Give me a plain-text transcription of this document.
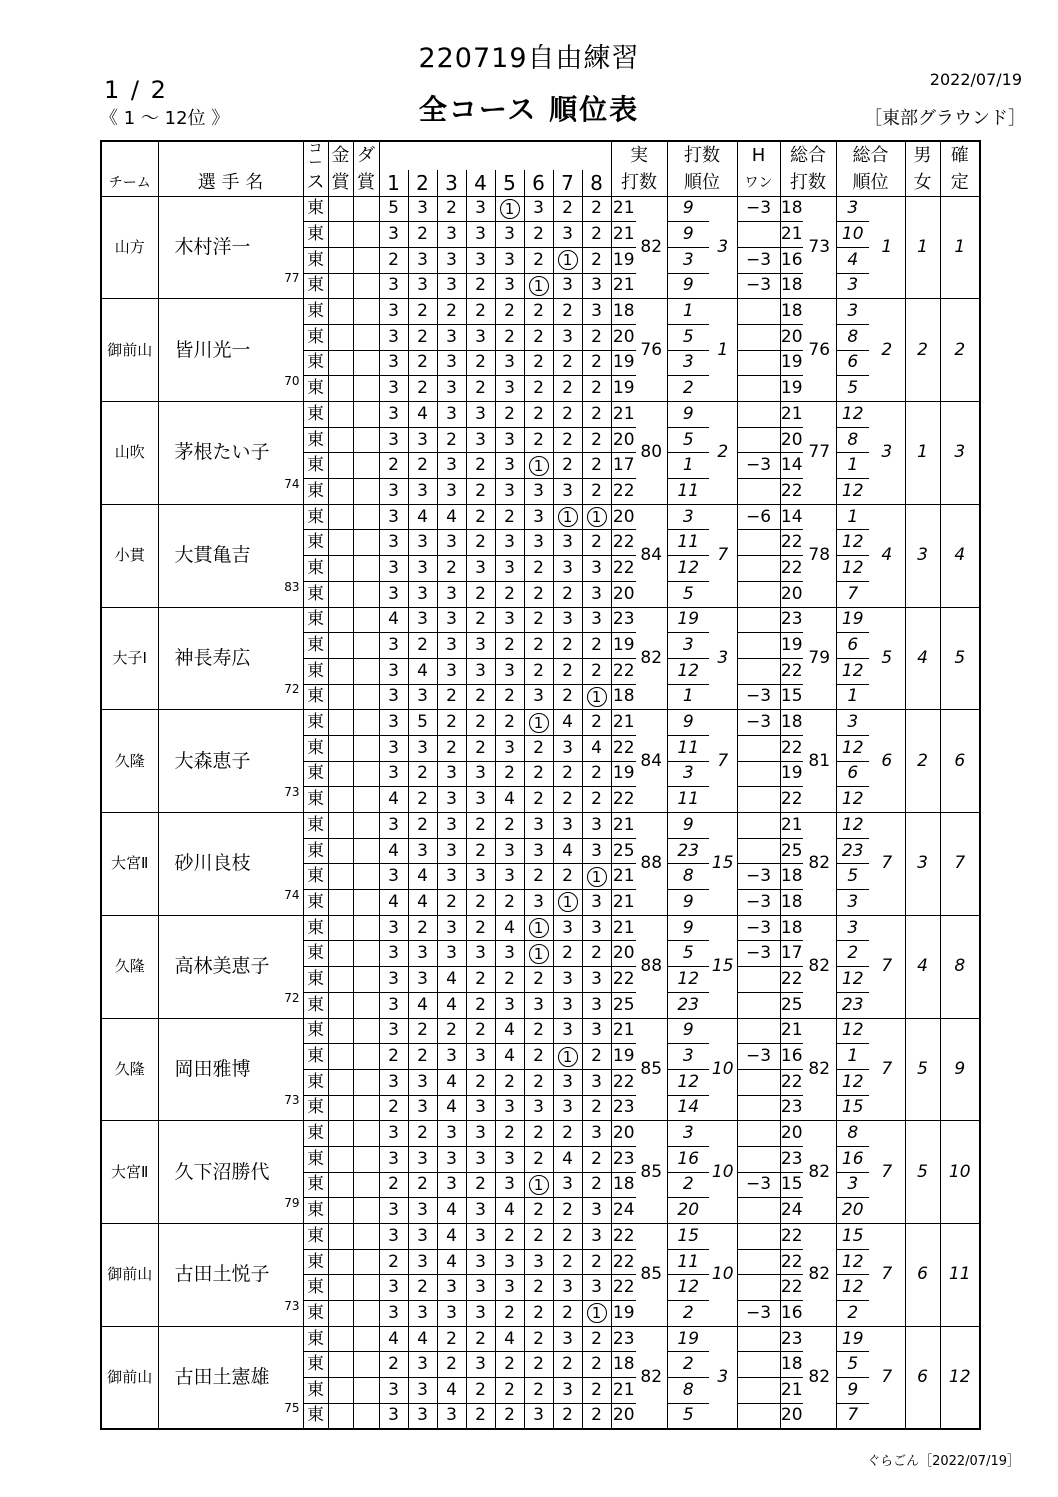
220719自由練習
全コース 順位表
1 / 2
《 1 ～ 12位 》
2022/07/19
［東部グラウンド］
		コー	金	ダ									実		打数		H	総合		総合		男	確
チーム	選 手 名	ス	賞	賞	1	2	3	4	5	6	7	8	打数		順位		ワン	打数		順位		女	定
山方	木村洋一
77	東			5	3	2	3	1	3	2	2	21	82	9	3	−3	18	73	3	1	1	1
		東			3	2	3	3	3	2	3	2	21		9			21		10			
		東			2	3	3	3	3	2	1	2	19		3		−3	16		4			
		東			3	3	3	2	3	1	3	3	21		9		−3	18		3			
御前山	皆川光一
70	東			3	2	2	2	2	2	2	3	18	76	1	1		18	76	3	2	2	2
		東			3	2	3	3	2	2	3	2	20		5			20		8			
		東			3	2	3	2	3	2	2	2	19		3			19		6			
		東			3	2	3	2	3	2	2	2	19		2			19		5			
山吹	茅根たい子
74	東			3	4	3	3	2	2	2	2	21	80	9	2		21	77	12	3	1	3
		東			3	3	2	3	3	2	2	2	20		5			20		8			
		東			2	2	3	2	3	1	2	2	17		1		−3	14		1			
		東			3	3	3	2	3	3	3	2	22		11			22		12			
小貫	大貫亀吉
83	東			3	4	4	2	2	3	1	1	20	84	3	7	−6	14	78	1	4	3	4
		東			3	3	3	2	3	3	3	2	22		11			22		12			
		東			3	3	2	3	3	2	3	3	22		12			22		12			
		東			3	3	3	2	2	2	2	3	20		5			20		7			
大子Ⅰ	神長寿広
72	東			4	3	3	2	3	2	3	3	23	82	19	3		23	79	19	5	4	5
		東			3	2	3	3	2	2	2	2	19		3			19		6			
		東			3	4	3	3	3	2	2	2	22		12			22		12			
		東			3	3	2	2	2	3	2	1	18		1		−3	15		1			
久隆	大森恵子
73	東			3	5	2	2	2	1	4	2	21	84	9	7	−3	18	81	3	6	2	6
		東			3	3	2	2	3	2	3	4	22		11			22		12			
		東			3	2	3	3	2	2	2	2	19		3			19		6			
		東			4	2	3	3	4	2	2	2	22		11			22		12			
大宮Ⅱ	砂川良枝
74	東			3	2	3	2	2	3	3	3	21	88	9	15		21	82	12	7	3	7
		東			4	3	3	2	3	3	4	3	25		23			25		23			
		東			3	4	3	3	3	2	2	1	21		8		−3	18		5			
		東			4	4	2	2	2	3	1	3	21		9		−3	18		3			
久隆	高林美恵子
72	東			3	2	3	2	4	1	3	3	21	88	9	15	−3	18	82	3	7	4	8
		東			3	3	3	3	3	1	2	2	20		5		−3	17		2			
		東			3	3	4	2	2	2	3	3	22		12			22		12			
		東			3	4	4	2	3	3	3	3	25		23			25		23			
久隆	岡田雅博
73	東			3	2	2	2	4	2	3	3	21	85	9	10		21	82	12	7	5	9
		東			2	2	3	3	4	2	1	2	19		3		−3	16		1			
		東			3	3	4	2	2	2	3	3	22		12			22		12			
		東			2	3	4	3	3	3	3	2	23		14			23		15			
大宮Ⅱ	久下沼勝代
79	東			3	2	3	3	2	2	2	3	20	85	3	10		20	82	8	7	5	10
		東			3	3	3	3	3	2	4	2	23		16			23		16			
		東			2	2	3	2	3	1	3	2	18		2		−3	15		3			
		東			3	3	4	3	4	2	2	3	24		20			24		20			
御前山	古田土悦子
73	東			3	3	4	3	2	2	2	3	22	85	15	10		22	82	15	7	6	11
		東			2	3	4	3	3	3	2	2	22		11			22		12			
		東			3	2	3	3	3	2	3	3	22		12			22		12			
		東			3	3	3	3	2	2	2	1	19		2		−3	16		2			
御前山	古田土憲雄
75	東			4	4	2	2	4	2	3	2	23	82	19	3		23	82	19	7	6	12
		東			2	3	2	3	2	2	2	2	18		2			18		5			
		東			3	3	4	2	2	2	3	2	21		8			21		9			
		東			3	3	3	2	2	3	2	2	20		5			20		7			
ぐらごん［2022/07/19］
